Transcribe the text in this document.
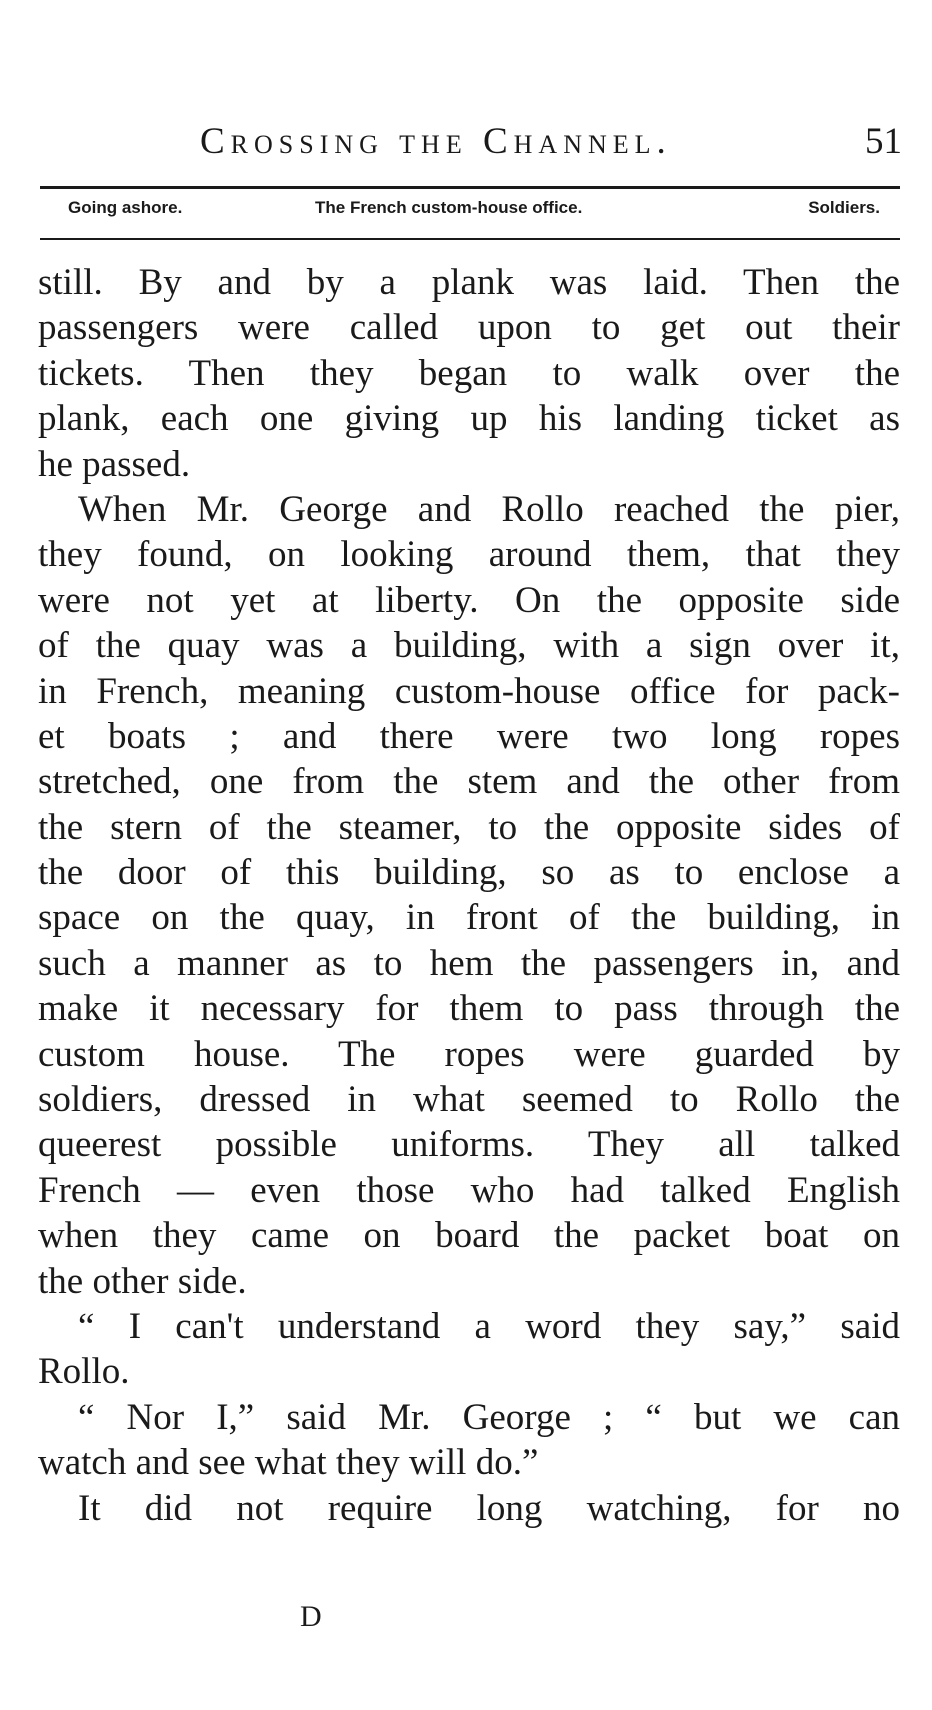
Crossing the Channel.	51
Going ashore.	The French custom-house office.	Soldiers.
still. By and by a plank was laid. Then the
passengers were called upon to get out their
tickets. Then they began to walk over the
plank, each one giving up his landing ticket as
he passed.
When Mr. George and Rollo reached the pier,
they found, on looking around them, that they
were not yet at liberty. On the opposite side
of the quay was a building, with a sign over it,
in French, meaning custom-house office for pack-
et boats ; and there were two long ropes
stretched, one from the stem and the other from
the stern of the steamer, to the opposite sides of
the door of this building, so as to enclose a
space on the quay, in front of the building, in
such a manner as to hem the passengers in, and
make it necessary for them to pass through the
custom house. The ropes were guarded by
soldiers, dressed in what seemed to Rollo the
queerest possible uniforms. They all talked
French — even those who had talked English
when they came on board the packet boat on
the other side.
“ I can't understand a word they say,” said
Rollo.
“ Nor I,” said Mr. George ; “ but we can
watch and see what they will do.”
It did not require long watching, for no
D
